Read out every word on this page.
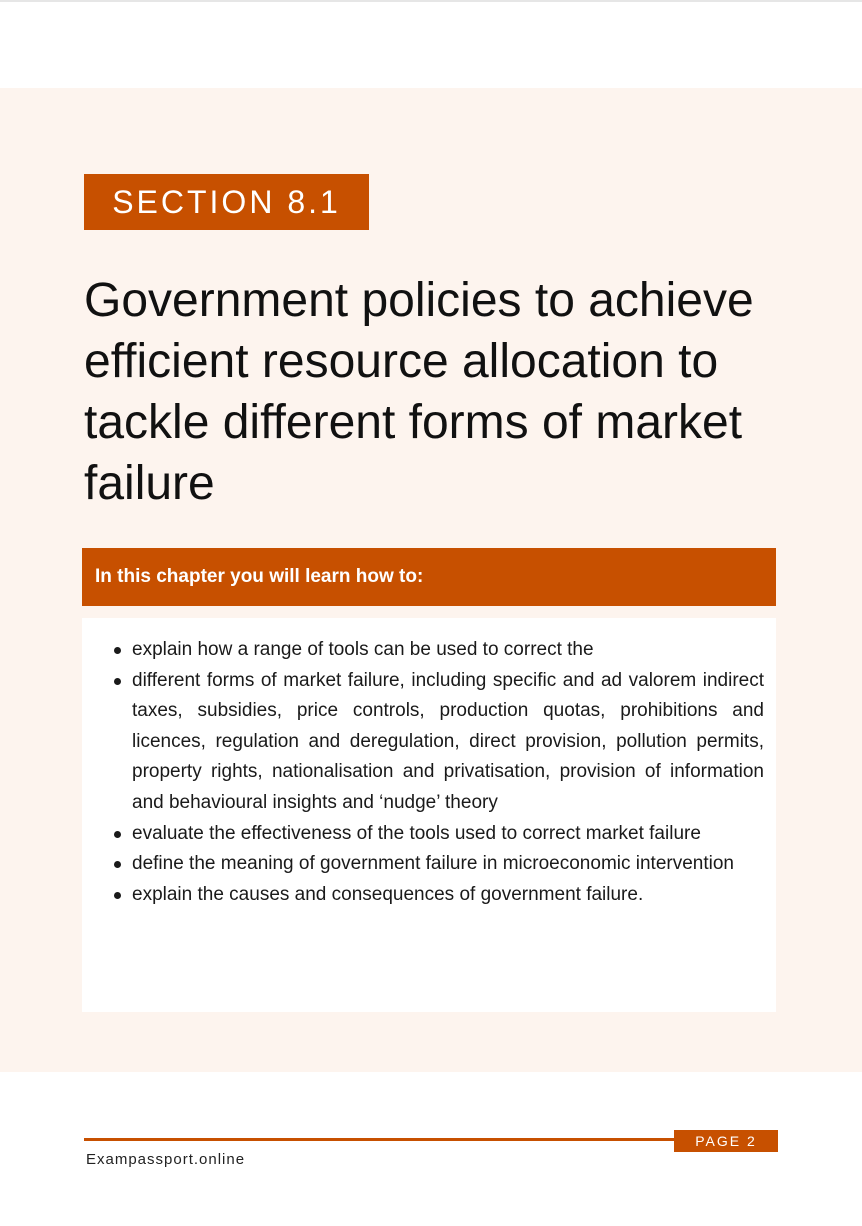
SECTION 8.1
Government policies to achieve efficient resource allocation to tackle different forms of market failure
In this chapter you will learn how to:
explain how a range of tools can be used to correct the
different forms of market failure, including specific and ad valorem indirect taxes, subsidies, price controls, production quotas, prohibitions and licences, regulation and deregulation, direct provision, pollution permits, property rights, nationalisation and privatisation, provision of information and behavioural insights and ‘nudge’ theory
evaluate the effectiveness of the tools used to correct market failure
define the meaning of government failure in microeconomic intervention
explain the causes and consequences of government failure.
PAGE 2
Exampassport.online
